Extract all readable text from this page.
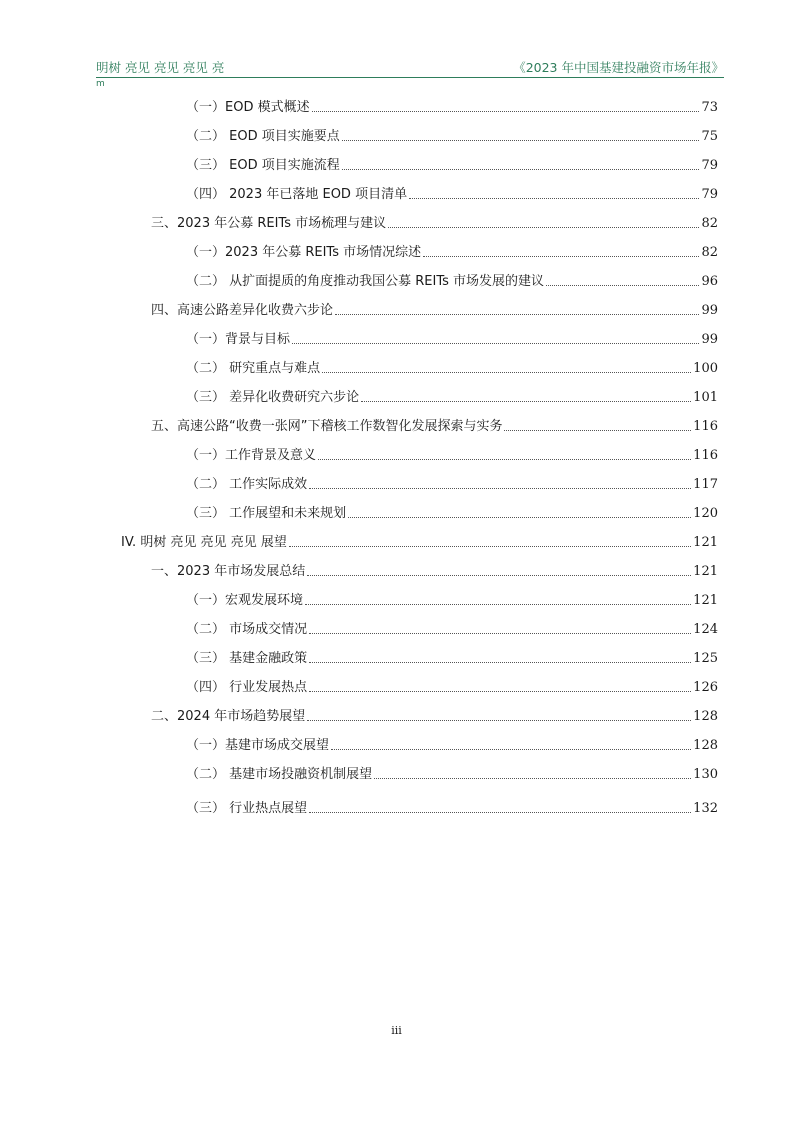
明树 亮见 亮见 亮见 亮	《2023 年中国基建投融资市场年报》
m
（一）EOD 模式概述	73
（二） EOD 项目实施要点	75
（三） EOD 项目实施流程	79
（四） 2023 年已落地 EOD 项目清单	79
三、2023 年公募 REITs 市场梳理与建议	82
（一）2023 年公募 REITs 市场情况综述	82
（二） 从扩面提质的角度推动我国公募 REITs 市场发展的建议	96
四、高速公路差异化收费六步论	99
（一）背景与目标	99
（二） 研究重点与难点	100
（三） 差异化收费研究六步论	101
五、高速公路“收费一张网”下稽核工作数智化发展探索与实务	116
（一）工作背景及意义	116
（二） 工作实际成效	117
（三） 工作展望和未来规划	120
IV. 明树 亮见 亮见 亮见 展望	121
一、2023 年市场发展总结	121
（一）宏观发展环境	121
（二） 市场成交情况	124
（三） 基建金融政策	125
（四） 行业发展热点	126
二、2024 年市场趋势展望	128
（一）基建市场成交展望	128
（二） 基建市场投融资机制展望	130
（三） 行业热点展望	132
iii
